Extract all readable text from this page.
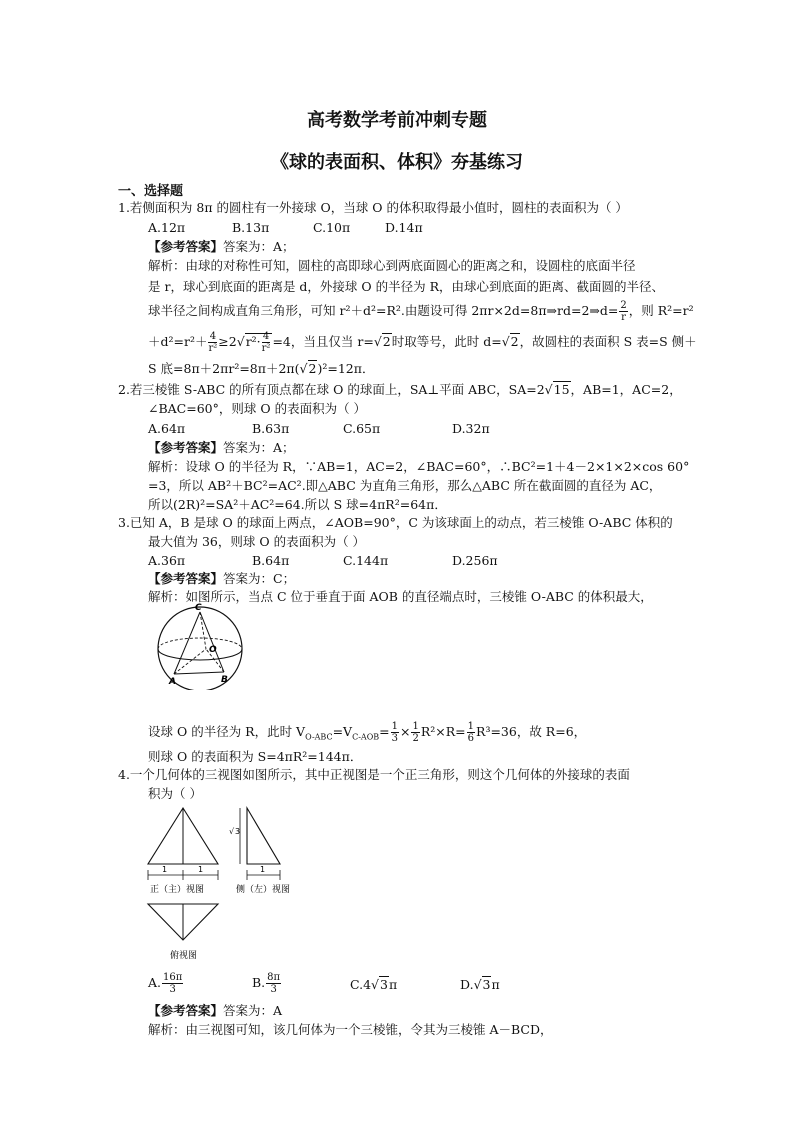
高考数学考前冲刺专题
《球的表面积、体积》夯基练习
一、选择题
1.若侧面积为 8π 的圆柱有一外接球 O，当球 O 的体积取得最小值时，圆柱的表面积为（ ）
A.12π	B.13π	C.10π	D.14π
【参考答案】答案为：A；
解析：由球的对称性可知，圆柱的高即球心到两底面圆心的距离之和，设圆柱的底面半径
是 r，球心到底面的距离是 d，外接球 O 的半径为 R，由球心到底面的距离、截面圆的半径、
球半径之间构成直角三角形，可知 r²＋d²=R².由题设可得 2πr×2d=8π⇒rd=2⇒d= $\frac{2}{r}$ ，则 R²=r²
$+d^2=r^2+ \frac{4}{\text{r²}} \ge 2√r^2\cdot \frac{4}{\text{r²}} =4$，当且仅当 r=√2时取等号，此时 d=√2，故圆柱的表面积 S 表=S 侧＋
S 底=8π＋2πr²=8π＋2π(√2)²=12π．
2.若三棱锥 S-ABC 的所有顶点都在球 O 的球面上，SA⊥平面 ABC，SA=2√15，AB=1，AC=2，
∠BAC=60°，则球 O 的表面积为（ ）
A.64π	B.63π	C.65π	D.32π
【参考答案】答案为：A；
解析：设球 O 的半径为 R，∵AB=1，AC=2，∠BAC=60°，∴BC²=1＋4－2×1×2×cos 60°
=3，所以 AB²＋BC²=AC².即△ABC 为直角三角形，那么△ABC 所在截面圆的直径为 AC，
所以(2R)²=SA²＋AC²=64.所以 S 球=4πR²=64π．
3.已知 A，B 是球 O 的球面上两点，∠AOB=90°，C 为该球面上的动点，若三棱锥 O-ABC 体积的
最大值为 36，则球 O 的表面积为（ ）
A.36π	B.64π	C.144π	D.256π
【参考答案】答案为：C；
解析：如图所示，当点 C 位于垂直于面 AOB 的直径端点时，三棱锥 O-ABC 的体积最大，
C
O
A	B
设球 O 的半径为 R，此时 $V_{O-ABC}=V_{C-AOB}= \frac{1}{3} \times \frac{1}{2} R^2\times R= \frac{1}{6} R^3=36$，故 R=6，
则球 O 的表面积为 S=4πR²=144π．
4.一个几何体的三视图如图所示，其中正视图是一个正三角形，则这个几何体的外接球的表面
积为（ ）
1	1
正（主）视图
√ 3
1
侧（左）视图
俯视图
A. $\frac{16\pi}{3}$	B. $\frac{8\pi}{3}$	C.4√3π	D.√3π
【参考答案】答案为：A
解析：由三视图可知，该几何体为一个三棱锥，令其为三棱锥 A－BCD，
